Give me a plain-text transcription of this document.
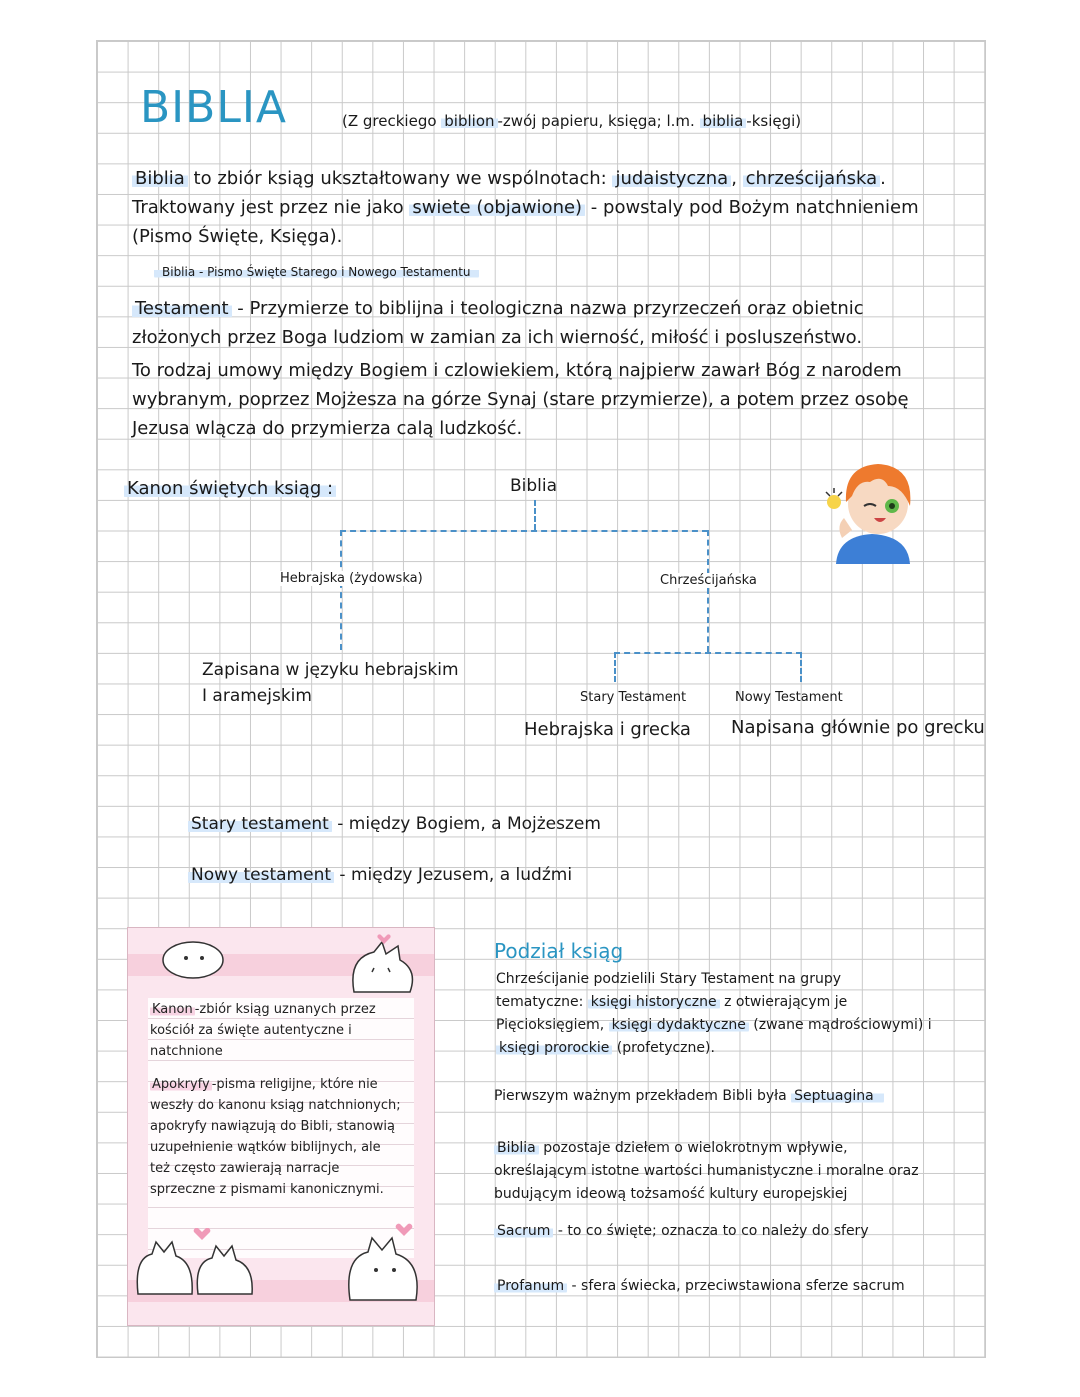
BIBLIA	(Z greckiego biblion -zwój papieru, księga; l.m. biblia -księgi)
Biblia to zbiór ksiąg ukształtowany we wspólnotach: judaistyczna , chrześcijańska .
Traktowany jest przez nie jako swiete (objawione) - powstaly pod Bożym natchnieniem
(Pismo Święte, Księga).
Biblia - Pismo Święte Starego i Nowego Testamentu
Testament - Przymierze to biblijna i teologiczna nazwa przyrzeczeń oraz obietnic
złożonych przez Boga ludziom w zamian za ich wierność, miłość i posluszeństwo.
To rodzaj umowy między Bogiem i czlowiekiem, którą najpierw zawarł Bóg z narodem
wybranym, poprzez Mojżesza na górze Synaj (stare przymierze), a potem przez osobę
Jezusa wlącza do przymierza calą ludzkość.
Kanon świętych ksiąg :	Biblia
Hebrajska (żydowska)	Chrześcijańska
Zapisana w języku hebrajskim
I aramejskim	Stary Testament	Nowy Testament
Hebrajska i grecka Napisana głównie po grecku
Stary testament - między Bogiem, a Mojżeszem
Nowy testament - między Jezusem, a ludźmi
Kanon -zbiór ksiąg uznanych przez
kościół za święte autentyczne i
natchnione
Apokryfy -pisma religijne, które nie
weszły do kanonu ksiąg natchnionych;
apokryfy nawiązują do Bibli, stanowią
uzupełnienie wątków biblijnych, ale
też często zawierają narracje
sprzeczne z pismami kanonicznymi.
Podział ksiąg
Chrześcijanie podzielili Stary Testament na grupy
tematyczne: księgi historyczne z otwierającym je
Pięcioksięgiem, księgi dydaktyczne (zwane mądrościowymi) i
księgi prorockie (profetyczne).
Pierwszym ważnym przekładem Bibli była Septuagina
Biblia pozostaje dziełem o wielokrotnym wpływie,
określającym istotne wartości humanistyczne i moralne oraz
budującym ideową tożsamość kultury europejskiej
Sacrum - to co święte; oznacza to co należy do sfery
Profanum - sfera świecka, przeciwstawiona sferze sacrum
